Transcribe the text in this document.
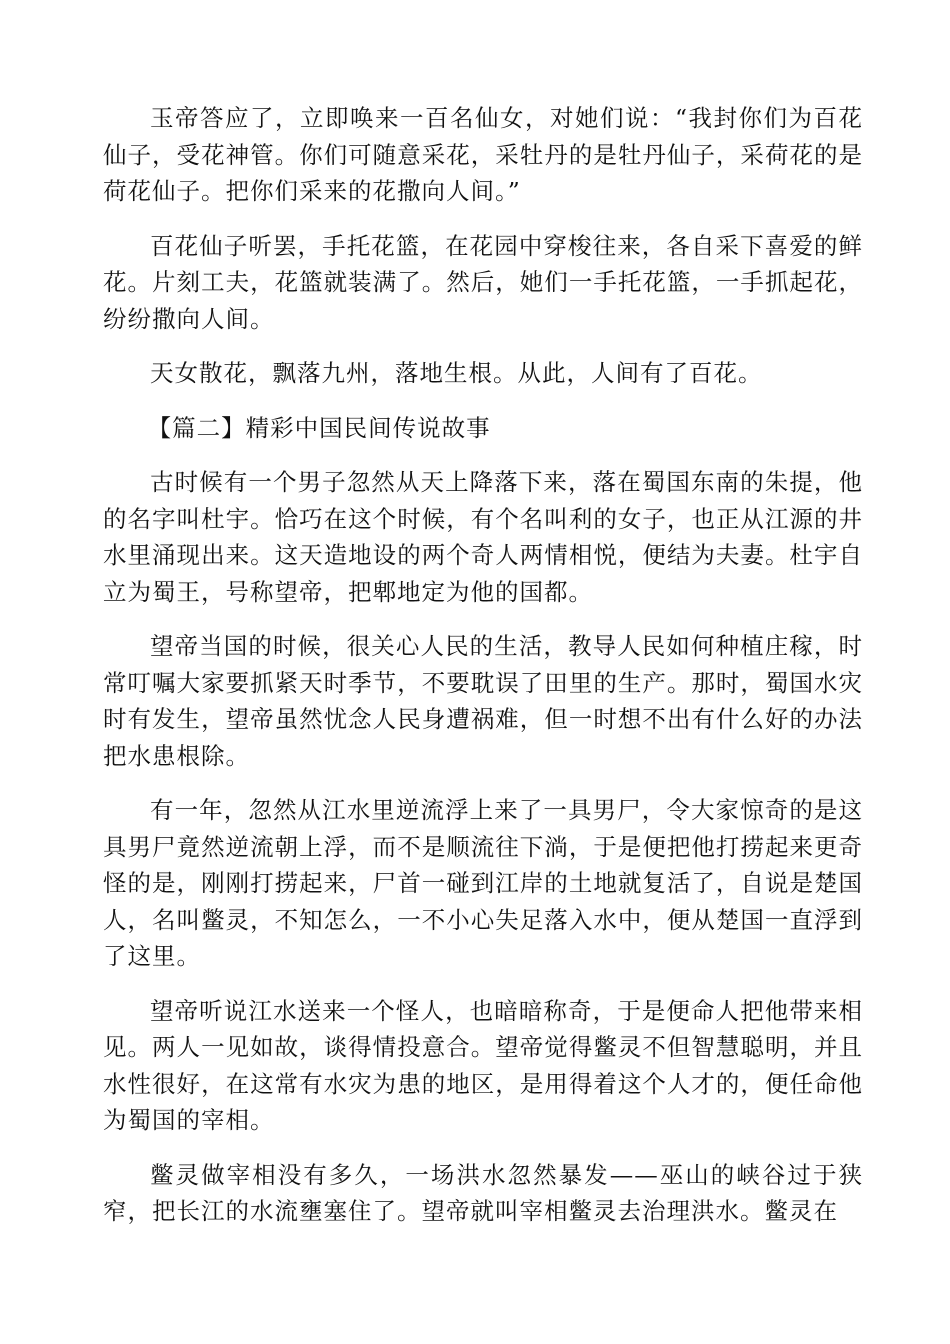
玉帝答应了，立即唤来一百名仙女，对她们说：“我封你们为百花仙子，受花神管。你们可随意采花，采牡丹的是牡丹仙子，采荷花的是荷花仙子。把你们采来的花撒向人间。”

百花仙子听罢，手托花篮，在花园中穿梭往来，各自采下喜爱的鲜花。片刻工夫，花篮就装满了。然后，她们一手托花篮，一手抓起花，纷纷撒向人间。

天女散花，飘落九州，落地生根。从此，人间有了百花。

【篇二】精彩中国民间传说故事

古时候有一个男子忽然从天上降落下来，落在蜀国东南的朱提，他的名字叫杜宇。恰巧在这个时候，有个名叫利的女子，也正从江源的井水里涌现出来。这天造地设的两个奇人两情相悦，便结为夫妻。杜宇自立为蜀王，号称望帝，把郫地定为他的国都。

望帝当国的时候，很关心人民的生活，教导人民如何种植庄稼，时常叮嘱大家要抓紧天时季节，不要耽误了田里的生产。那时，蜀国水灾时有发生，望帝虽然忧念人民身遭祸难，但一时想不出有什么好的办法把水患根除。

有一年，忽然从江水里逆流浮上来了一具男尸，令大家惊奇的是这具男尸竟然逆流朝上浮，而不是顺流往下淌，于是便把他打捞起来更奇怪的是，刚刚打捞起来，尸首一碰到江岸的土地就复活了，自说是楚国人，名叫鳖灵，不知怎么，一不小心失足落入水中，便从楚国一直浮到了这里。

望帝听说江水送来一个怪人，也暗暗称奇，于是便命人把他带来相见。两人一见如故，谈得情投意合。望帝觉得鳖灵不但智慧聪明，并且水性很好，在这常有水灾为患的地区，是用得着这个人才的，便任命他为蜀国的宰相。

鳖灵做宰相没有多久，一场洪水忽然暴发——巫山的峡谷过于狭窄，把长江的水流壅塞住了。望帝就叫宰相鳖灵去治理洪水。鳖灵在
